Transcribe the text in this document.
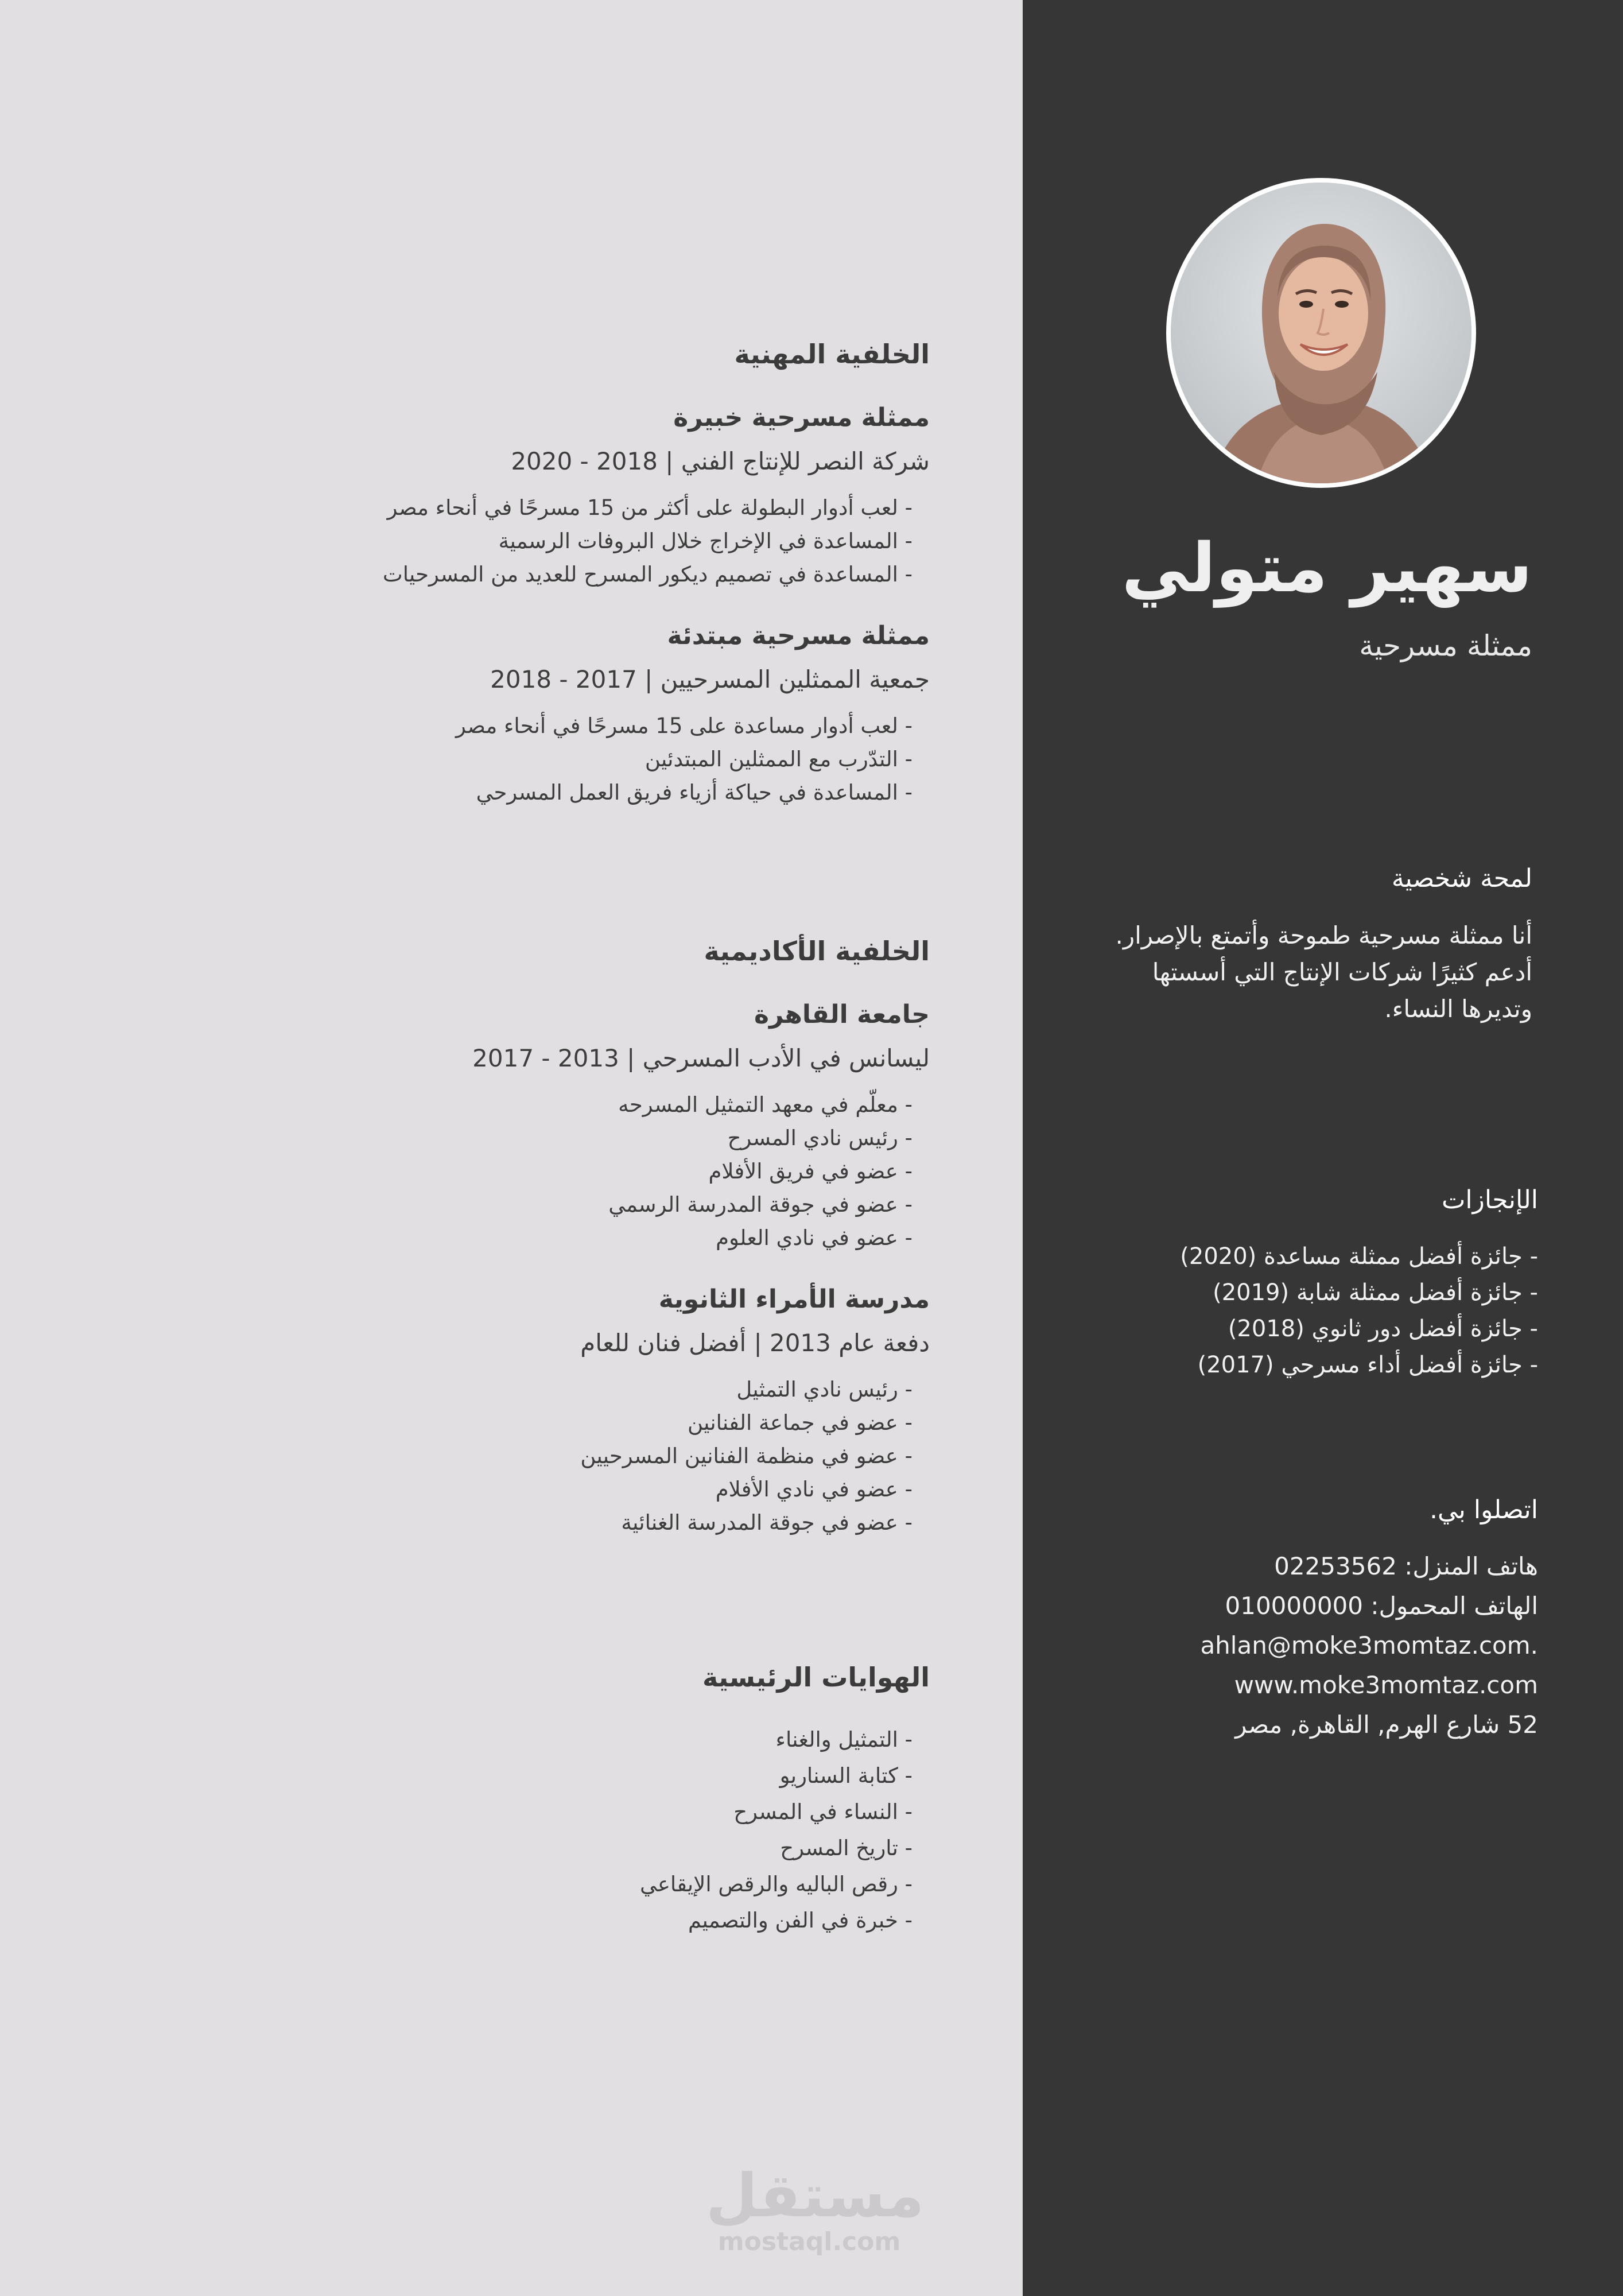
الخلفية المهنية
ممثلة مسرحية خبيرة
شركة النصر للإنتاج الفني | 2018 - 2020
- لعب أدوار البطولة على أكثر من 15 مسرحًا في أنحاء مصر
- المساعدة في الإخراج خلال البروفات الرسمية
- المساعدة في تصميم ديكور المسرح للعديد من المسرحيات
ممثلة مسرحية مبتدئة
جمعية الممثلين المسرحيين | 2017 - 2018
- لعب أدوار مساعدة على 15 مسرحًا في أنحاء مصر
- التدّرب مع الممثلين المبتدئين
- المساعدة في حياكة أزياء فريق العمل المسرحي
الخلفية الأكاديمية
جامعة القاهرة
ليسانس في الأدب المسرحي | 2013 - 2017
- معلّم في معهد التمثيل المسرحه
- رئيس نادي المسرح
- عضو في فريق الأفلام
- عضو في جوقة المدرسة الرسمي
- عضو في نادي العلوم
مدرسة الأمراء الثانوية
دفعة عام 2013 | أفضل فنان للعام
- رئيس نادي التمثيل
- عضو في جماعة الفنانين
- عضو في منظمة الفنانين المسرحيين
- عضو في نادي الأفلام
- عضو في جوقة المدرسة الغنائية
الهوايات الرئيسية
- التمثيل والغناء
- كتابة السناريو
- النساء في المسرح
- تاريخ المسرح
- رقص الباليه والرقص الإيقاعي
- خبرة في الفن والتصميم
مستقل
mostaql.com
سهير متولي
ممثلة مسرحية
لمحة شخصية
أنا ممثلة مسرحية طموحة وأتمتع بالإصرار. أدعم كثيرًا شركات الإنتاج التي أسستها وتديرها النساء.
الإنجازات
- جائزة أفضل ممثلة مساعدة (2020)
- جائزة أفضل ممثلة شابة (2019)
- جائزة أفضل دور ثانوي (2018)
- جائزة أفضل أداء مسرحي (2017)
اتصلوا بي.
هاتف المنزل: 02253562
الهاتف المحمول: 010000000
ahlan@moke3momtaz.com.
www.moke3momtaz.com
52 شارع الهرم, القاهرة, مصر
